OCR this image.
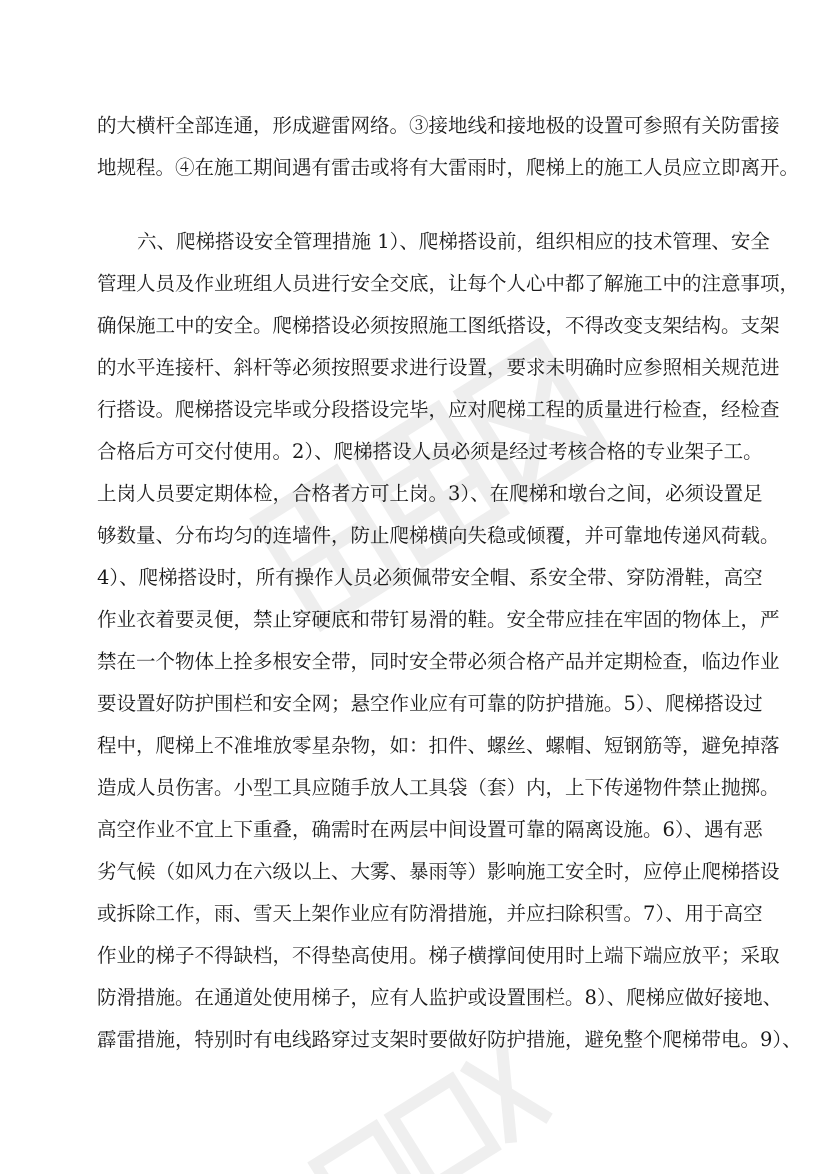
的大横杆全部连通，形成避雷网络。③接地线和接地极的设置可参照有关防雷接
地规程。④在施工期间遇有雷击或将有大雷雨时，爬梯上的施工人员应立即离开。
六、爬梯搭设安全管理措施 1）、爬梯搭设前，组织相应的技术管理、安全
管理人员及作业班组人员进行安全交底，让每个人心中都了解施工中的注意事项，
确保施工中的安全。爬梯搭设必须按照施工图纸搭设，不得改变支架结构。支架
的水平连接杆、斜杆等必须按照要求进行设置，要求未明确时应参照相关规范进
行搭设。爬梯搭设完毕或分段搭设完毕，应对爬梯工程的质量进行检查，经检查
合格后方可交付使用。2）、爬梯搭设人员必须是经过考核合格的专业架子工。
上岗人员要定期体检，合格者方可上岗。3）、在爬梯和墩台之间，必须设置足
够数量、分布均匀的连墙件，防止爬梯横向失稳或倾覆，并可靠地传递风荷载。
4）、爬梯搭设时，所有操作人员必须佩带安全帽、系安全带、穿防滑鞋，高空
作业衣着要灵便，禁止穿硬底和带钉易滑的鞋。安全带应挂在牢固的物体上，严
禁在一个物体上拴多根安全带，同时安全带必须合格产品并定期检查，临边作业
要设置好防护围栏和安全网；悬空作业应有可靠的防护措施。5）、爬梯搭设过
程中，爬梯上不准堆放零星杂物，如：扣件、螺丝、螺帽、短钢筋等，避免掉落
造成人员伤害。小型工具应随手放人工具袋（套）内，上下传递物件禁止抛掷。
高空作业不宜上下重叠，确需时在两层中间设置可靠的隔离设施。6）、遇有恶
劣气候（如风力在六级以上、大雾、暴雨等）影响施工安全时，应停止爬梯搭设
或拆除工作，雨、雪天上架作业应有防滑措施，并应扫除积雪。7）、用于高空
作业的梯子不得缺档，不得垫高使用。梯子横撑间使用时上端下端应放平；采取
防滑措施。在通道处使用梯子，应有人监护或设置围栏。8）、爬梯应做好接地、
霹雷措施，特别时有电线路穿过支架时要做好防护措施，避免整个爬梯带电。9）、
